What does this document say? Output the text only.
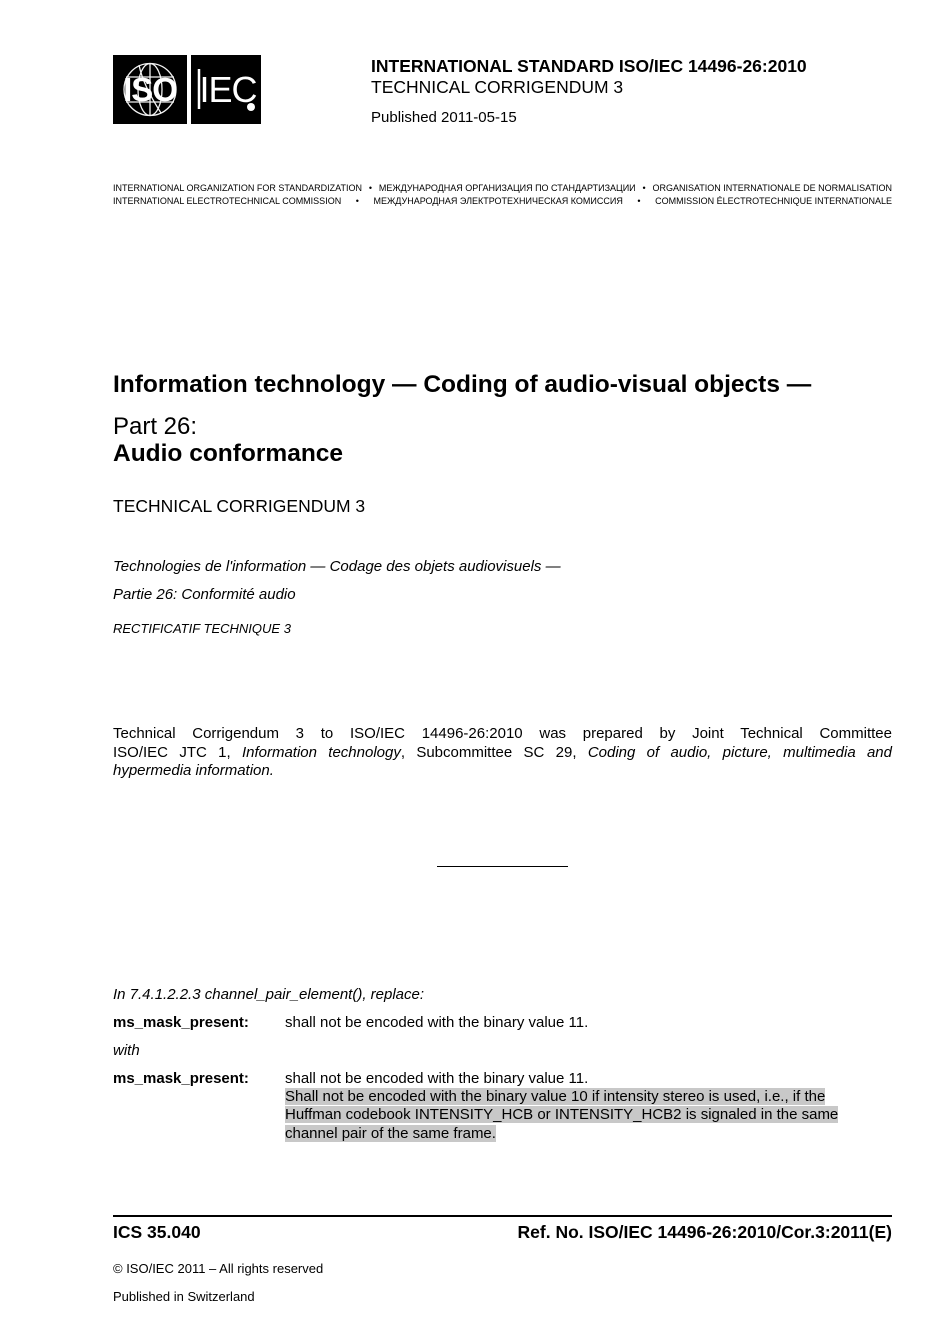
ISO IEC
INTERNATIONAL STANDARD ISO/IEC 14496-26:2010
TECHNICAL CORRIGENDUM 3
Published 2011-05-15
INTERNATIONAL ORGANIZATION FOR STANDARDIZATION • МЕЖДУНАРОДНАЯ ОРГАНИЗАЦИЯ ПО СТАНДАРТИЗАЦИИ • ORGANISATION INTERNATIONALE DE NORMALISATION
INTERNATIONAL ELECTROTECHNICAL COMMISSION • МЕЖДУНАРОДНАЯ ЭЛЕКТРОТЕХНИЧЕСКАЯ КОМИССИЯ • COMMISSION ÉLECTROTECHNIQUE INTERNATIONALE
Information technology — Coding of audio-visual objects —
Part 26:
Audio conformance
TECHNICAL CORRIGENDUM 3
Technologies de l'information — Codage des objets audiovisuels —
Partie 26: Conformité audio
RECTIFICATIF TECHNIQUE 3
Technical Corrigendum 3 to ISO/IEC 14496-26:2010 was prepared by Joint Technical Committee
ISO/IEC JTC 1, Information technology, Subcommittee SC 29, Coding of audio, picture, multimedia and
hypermedia information.
In 7.4.1.2.2.3 channel_pair_element(), replace:
ms_mask_present: shall not be encoded with the binary value 11.
with
ms_mask_present: shall not be encoded with the binary value 11.
Shall not be encoded with the binary value 10 if intensity stereo is used, i.e., if the
Huffman codebook INTENSITY_HCB or INTENSITY_HCB2 is signaled in the same
channel pair of the same frame.
ICS 35.040	Ref. No. ISO/IEC 14496-26:2010/Cor.3:2011(E)
© ISO/IEC 2011 – All rights reserved
Published in Switzerland
